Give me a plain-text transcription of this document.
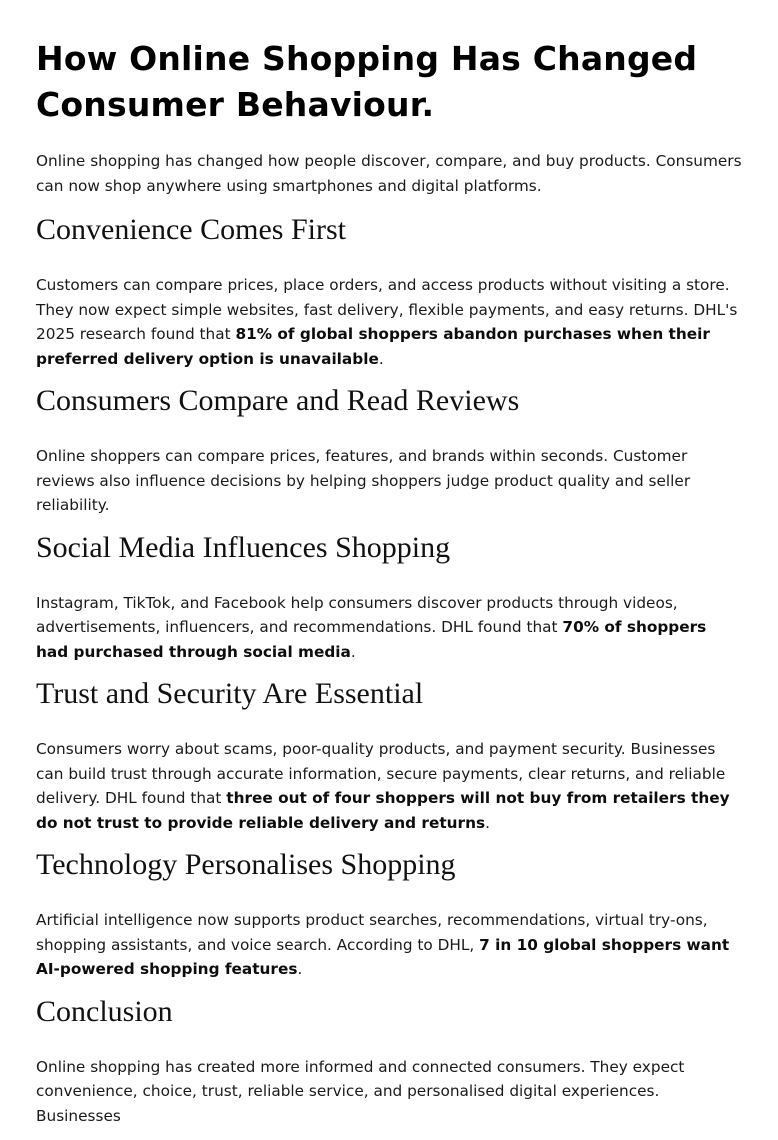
How Online Shopping Has Changed Consumer Behaviour.

Online shopping has changed how people discover, compare, and buy products. Consumers can now shop anywhere using smartphones and digital platforms.

Convenience Comes First

Customers can compare prices, place orders, and access products without visiting a store. They now expect simple websites, fast delivery, flexible payments, and easy returns. DHL's 2025 research found that 81% of global shoppers abandon purchases when their preferred delivery option is unavailable.

Consumers Compare and Read Reviews

Online shoppers can compare prices, features, and brands within seconds. Customer reviews also influence decisions by helping shoppers judge product quality and seller reliability.

Social Media Influences Shopping

Instagram, TikTok, and Facebook help consumers discover products through videos, advertisements, influencers, and recommendations. DHL found that 70% of shoppers had purchased through social media.

Trust and Security Are Essential

Consumers worry about scams, poor-quality products, and payment security. Businesses can build trust through accurate information, secure payments, clear returns, and reliable delivery. DHL found that three out of four shoppers will not buy from retailers they do not trust to provide reliable delivery and returns.

Technology Personalises Shopping

Artificial intelligence now supports product searches, recommendations, virtual try-ons, shopping assistants, and voice search. According to DHL, 7 in 10 global shoppers want AI-powered shopping features.

Conclusion

Online shopping has created more informed and connected consumers. They expect convenience, choice, trust, reliable service, and personalised digital experiences. Businesses
